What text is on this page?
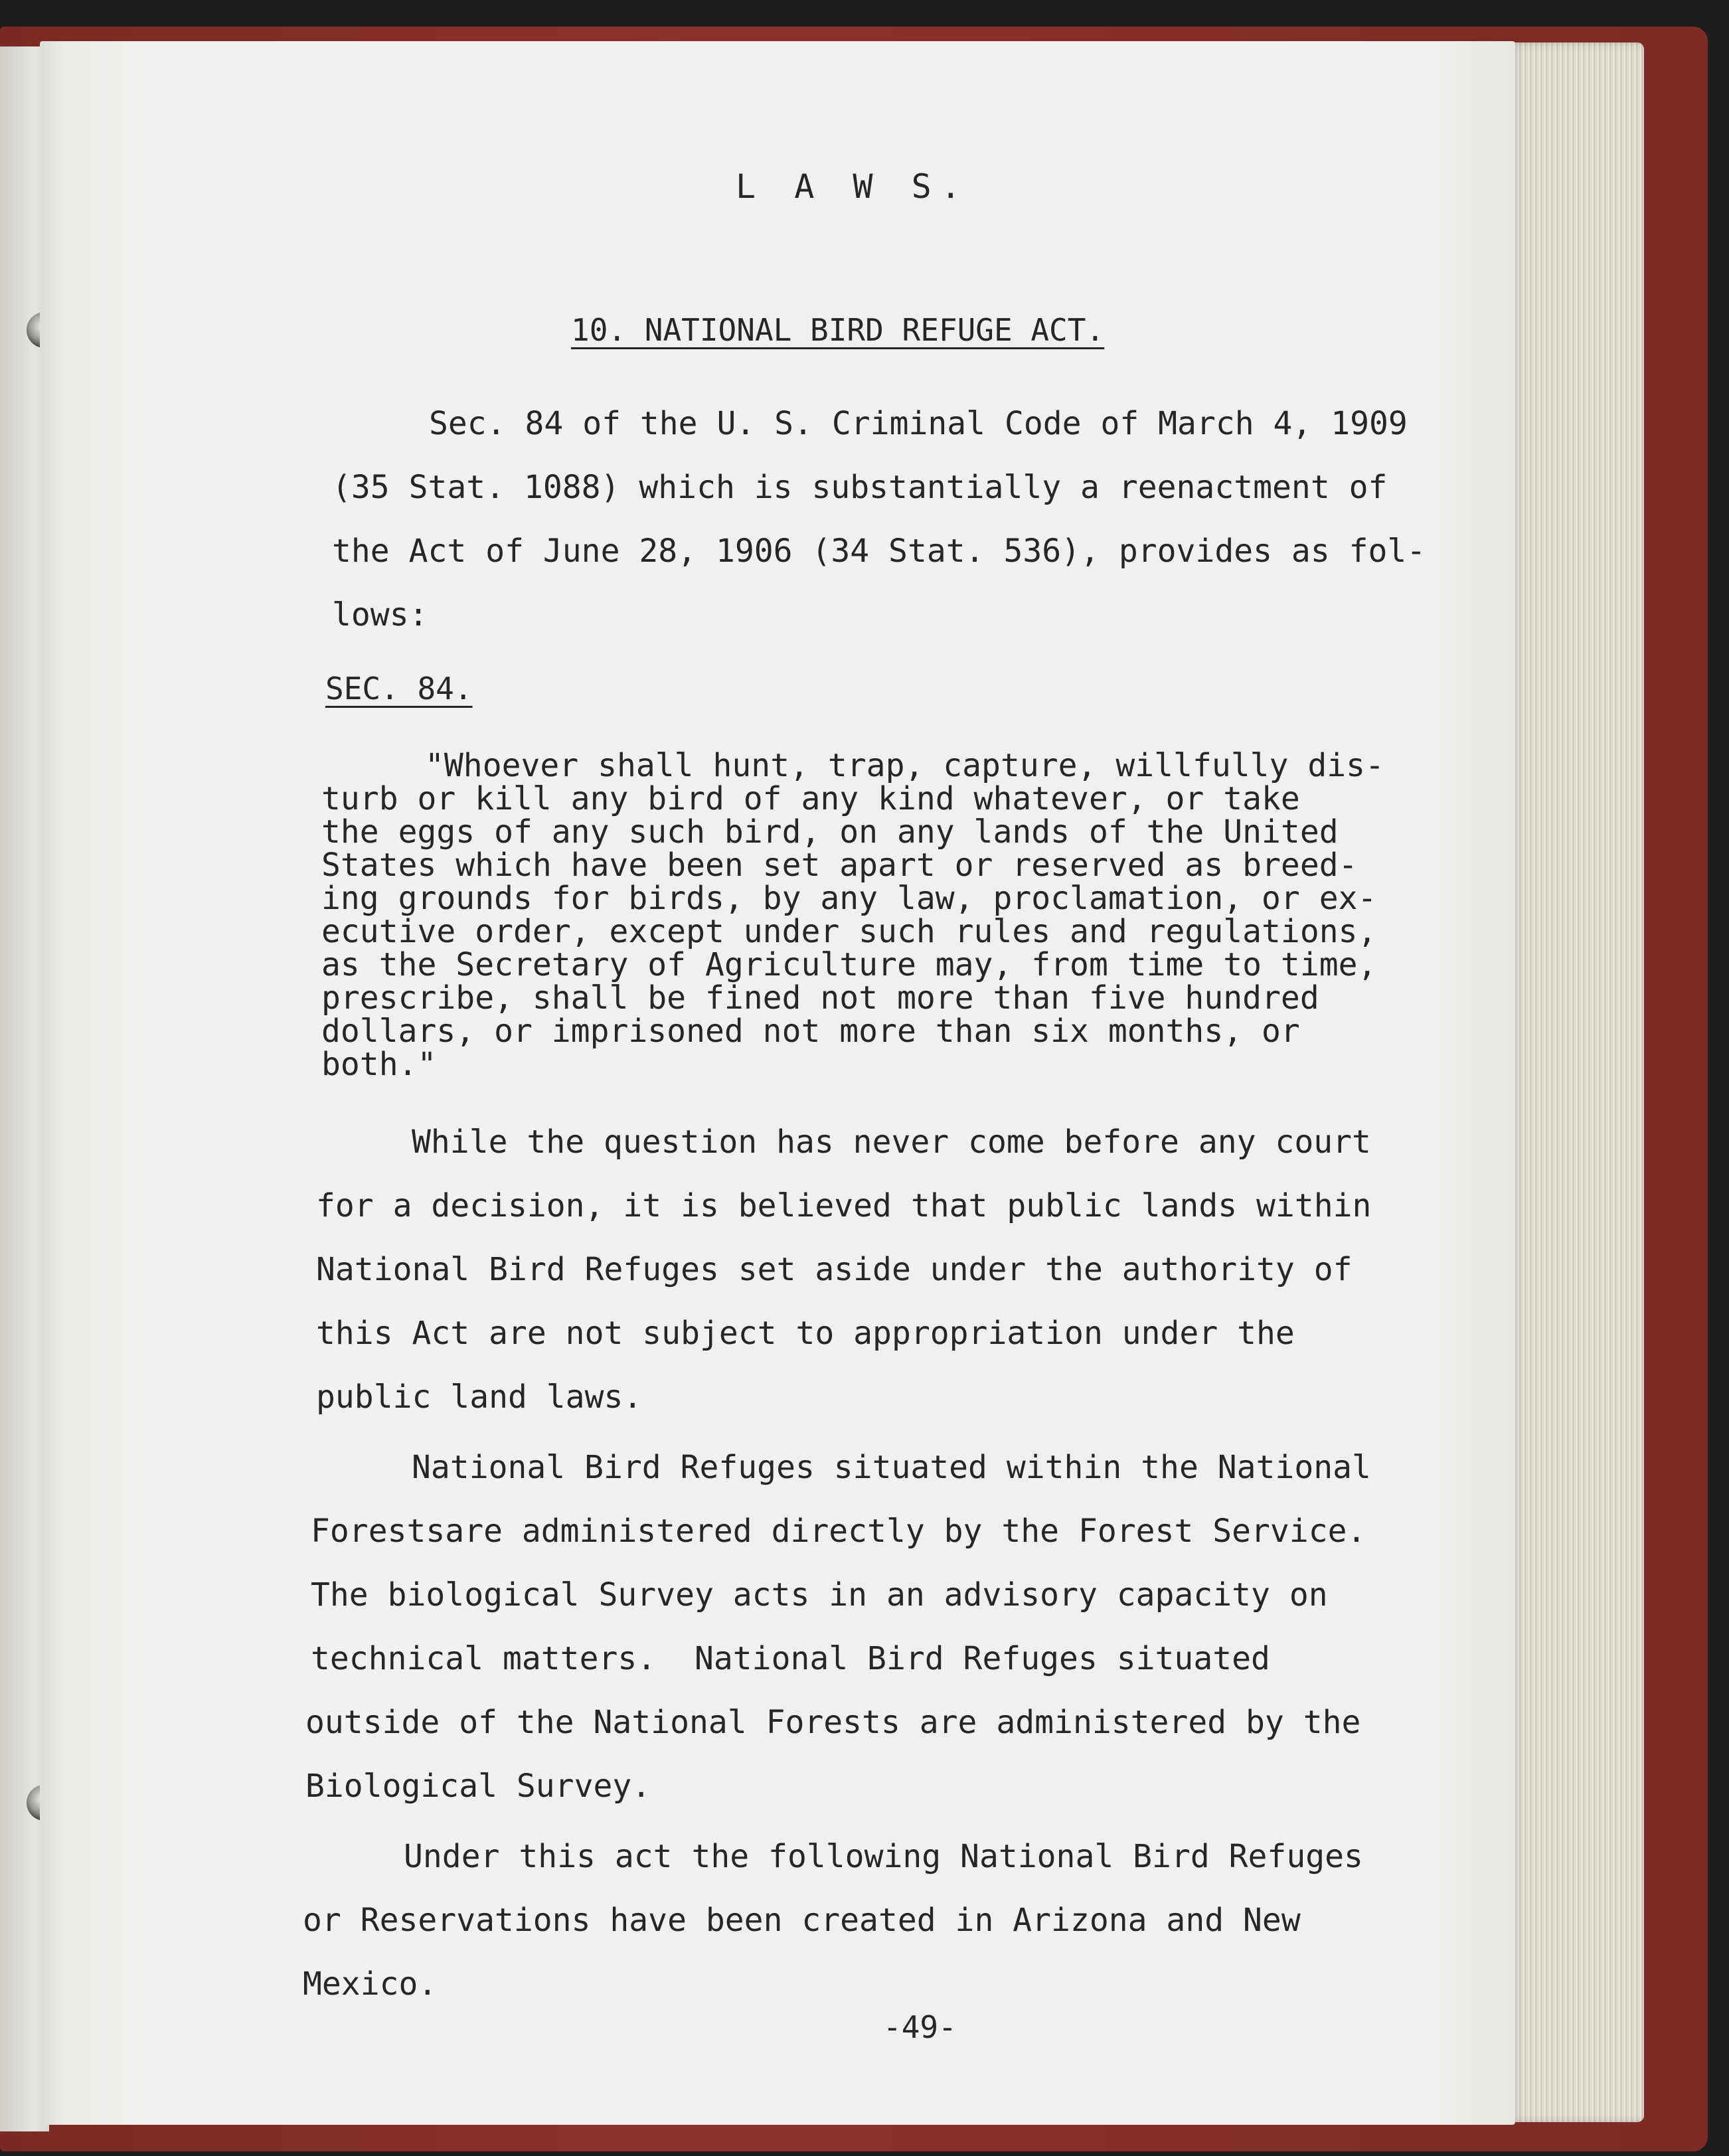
L A W S.

10. NATIONAL BIRD REFUGE ACT.

Sec. 84 of the U. S. Criminal Code of March 4, 1909

(35 Stat. 1088) which is substantially a reenactment of

the Act of June 28, 1906 (34 Stat. 536), provides as fol-

lows:

SEC. 84.

"Whoever shall hunt, trap, capture, willfully dis-

turb or kill any bird of any kind whatever, or take

the eggs of any such bird, on any lands of the United

States which have been set apart or reserved as breed-

ing grounds for birds, by any law, proclamation, or ex-

ecutive order, except under such rules and regulations,

as the Secretary of Agriculture may, from time to time,

prescribe, shall be fined not more than five hundred

dollars, or imprisoned not more than six months, or

both."

While the question has never come before any court

for a decision, it is believed that public lands within

National Bird Refuges set aside under the authority of

this Act are not subject to appropriation under the

public land laws.

National Bird Refuges situated within the National

Forestsare administered directly by the Forest Service.

The biological Survey acts in an advisory capacity on

technical matters.  National Bird Refuges situated

outside of the National Forests are administered by the

Biological Survey.

Under this act the following National Bird Refuges

or Reservations have been created in Arizona and New

Mexico.

-49-
